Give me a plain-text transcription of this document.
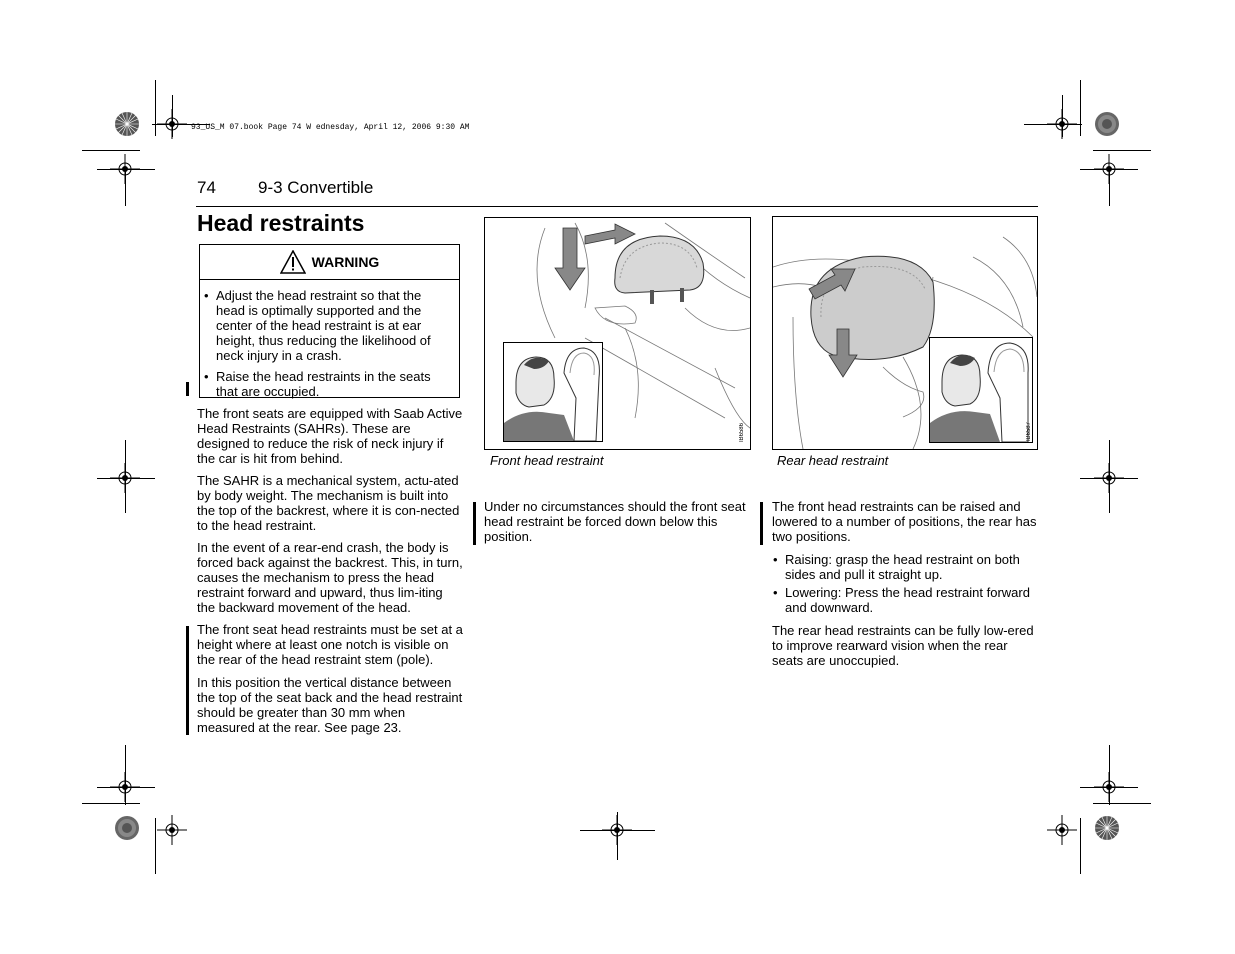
93_US_M 07.book Page 74 W ednesday, April 12, 2006 9:30 AM
74 9-3 Convertible
Head restraints
WARNING
• Adjust the head restraint so that the head is optimally supported and the center of the head restraint is at ear height, thus reducing the likelihood of neck injury in a crash.
• Raise the head restraints in the seats that are occupied.

The front seats are equipped with Saab Active Head Restraints (SAHRs). These are designed to reduce the risk of neck injury if the car is hit from behind.

The SAHR is a mechanical system, actu-ated by body weight. The mechanism is built into the top of the backrest, where it is con-nected to the head restraint.

In the event of a rear-end crash, the body is forced back against the backrest. This, in turn, causes the mechanism to press the head restraint forward and upward, thus lim-iting the backward movement of the head.

The front seat head restraints must be set at a height where at least one notch is visible on the rear of the head restraint stem (pole).

In this position the vertical distance between the top of the seat back and the head restraint should be greater than 30 mm when measured at the rear. See page 23.

IB6586
Front head restraint
IB6587
Rear head restraint

Under no circumstances should the front seat head restraint be forced down below this position.

The front head restraints can be raised and lowered to a number of positions, the rear has two positions.

• Raising: grasp the head restraint on both sides and pull it straight up.
• Lowering: Press the head restraint forward and downward.

The rear head restraints can be fully low-ered to improve rearward vision when the rear seats are unoccupied.
